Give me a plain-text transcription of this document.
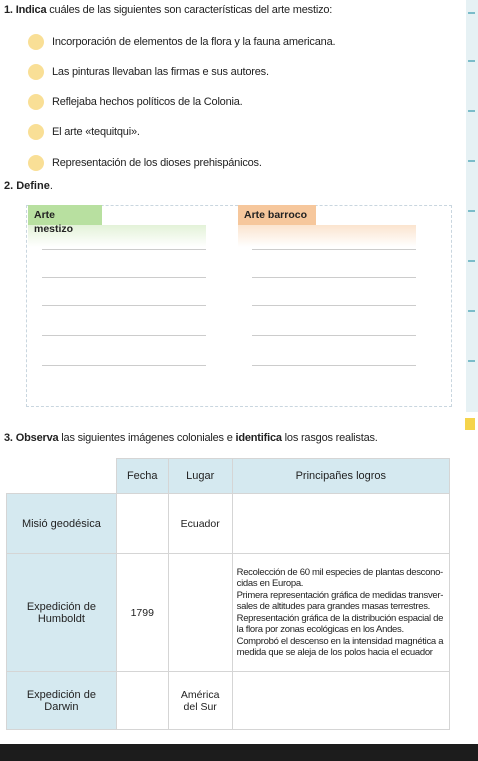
1. Indica cuáles de las siguientes son características del arte mestizo:
Incorporación de elementos de la flora y la fauna americana.
Las pinturas llevaban las firmas e sus autores.
Reflejaba hechos políticos de la Colonia.
El arte «tequitqui».
Representación de los dioses prehispánicos.
2. Define.
Arte mestizo
Arte barroco
3. Observa las siguientes imágenes coloniales e identifica los rasgos realistas.
	Fecha	Lugar	Principañes logros
Misió geodésica		Ecuador	
Expedición de Humboldt	1799		Recolección de 60 mil especies de plantas descono-cidas en Europa.

Primera representación gráfica de medidas transver-sales de altitudes para grandes masas terrestres.

Representación gráfica de la distribución espacial de la flora por zonas ecológicas en los Andes.

Comprobó el descenso en la intensidad magnética a medida que se aleja de los polos hacia el ecuador

Expedición de Darwin		América del Sur	
